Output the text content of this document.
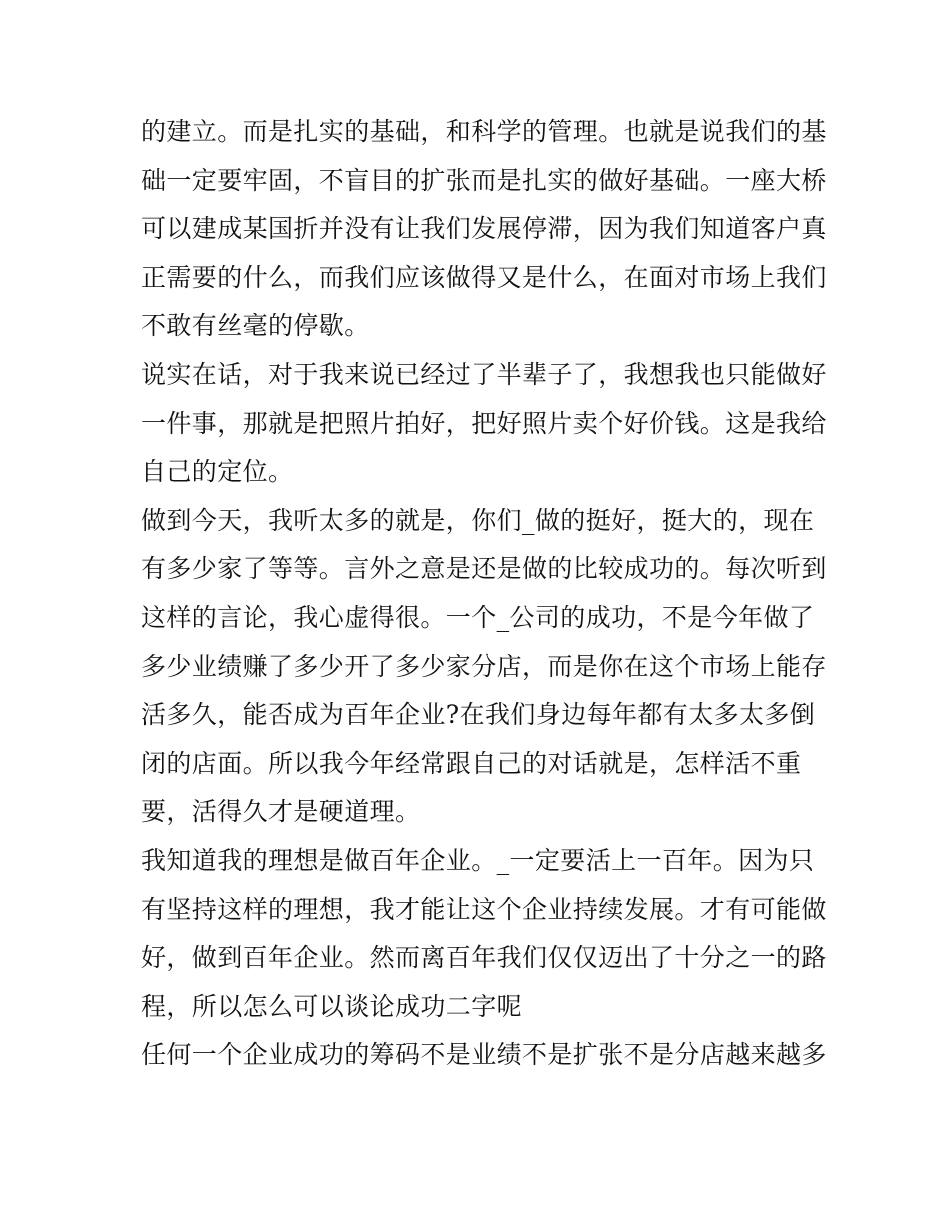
的建立。而是扎实的基础，和科学的管理。也就是说我们的基
础一定要牢固，不盲目的扩张而是扎实的做好基础。一座大桥
可以建成某国折并没有让我们发展停滞，因为我们知道客户真
正需要的什么，而我们应该做得又是什么，在面对市场上我们
不敢有丝毫的停歇。
说实在话，对于我来说已经过了半辈子了，我想我也只能做好
一件事，那就是把照片拍好，把好照片卖个好价钱。这是我给
自己的定位。
做到今天，我听太多的就是，你们_做的挺好，挺大的，现在
有多少家了等等。言外之意是还是做的比较成功的。每次听到
这样的言论，我心虚得很。一个_公司的成功，不是今年做了
多少业绩赚了多少开了多少家分店，而是你在这个市场上能存
活多久，能否成为百年企业?在我们身边每年都有太多太多倒
闭的店面。所以我今年经常跟自己的对话就是，怎样活不重
要，活得久才是硬道理。
我知道我的理想是做百年企业。_一定要活上一百年。因为只
有坚持这样的理想，我才能让这个企业持续发展。才有可能做
好，做到百年企业。然而离百年我们仅仅迈出了十分之一的路
程，所以怎么可以谈论成功二字呢
任何一个企业成功的筹码不是业绩不是扩张不是分店越来越多
